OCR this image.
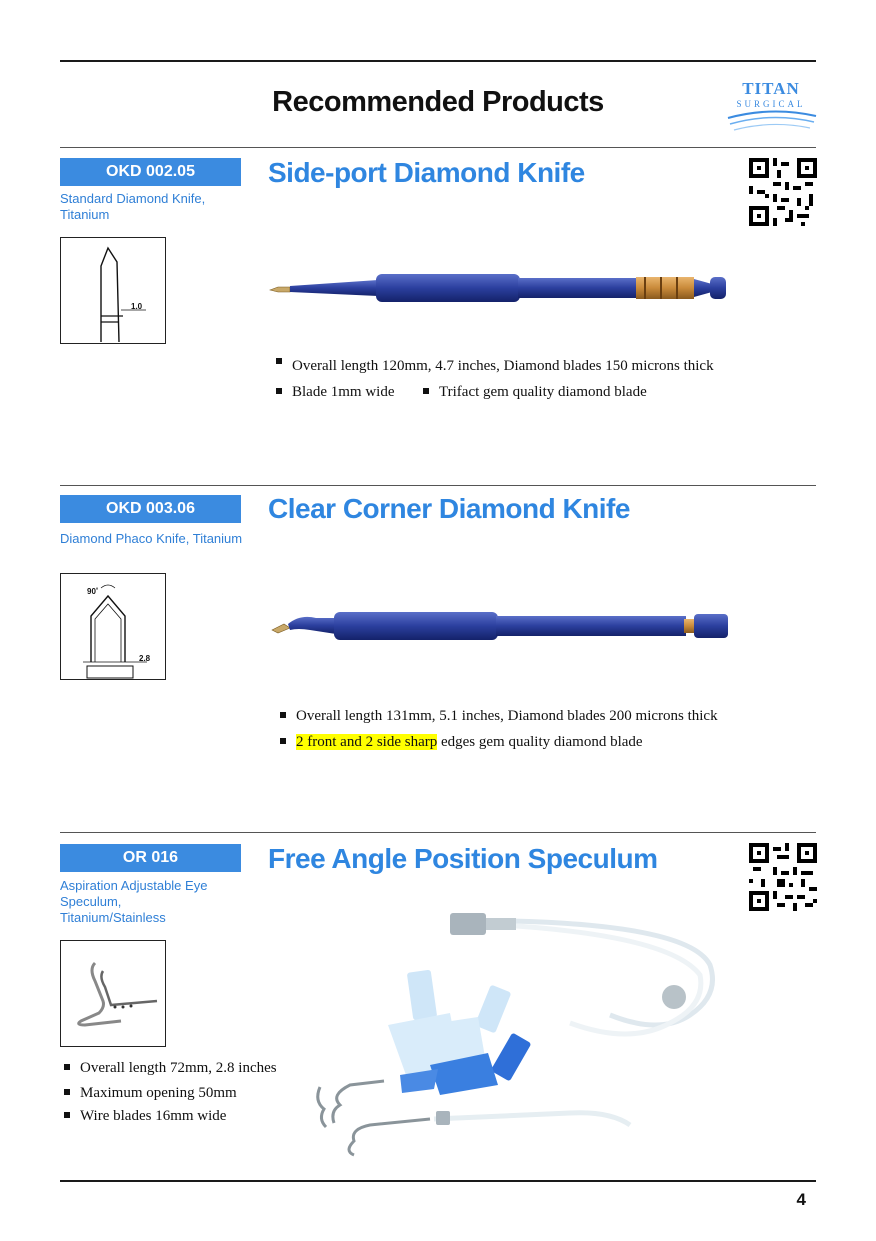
Recommended Products	TITAN
SURGICAL
OKD 002.05
Standard Diamond Knife, Titanium
Side-port Diamond Knife
1.0
Overall length 120mm, 4.7 inches, Diamond blades 150 microns thick
Blade 1mm wide	Trifact gem quality diamond blade
OKD 003.06
Diamond Phaco Knife, Titanium
Clear Corner Diamond Knife
90˚
2.8
Overall length 131mm, 5.1 inches, Diamond blades 200 microns thick
2 front and 2 side sharp edges gem quality diamond blade
OR 016
Aspiration Adjustable Eye Speculum, Titanium/Stainless
Free Angle Position Speculum
Overall length 72mm, 2.8 inches
Maximum opening 50mm
Wire blades 16mm wide
4
